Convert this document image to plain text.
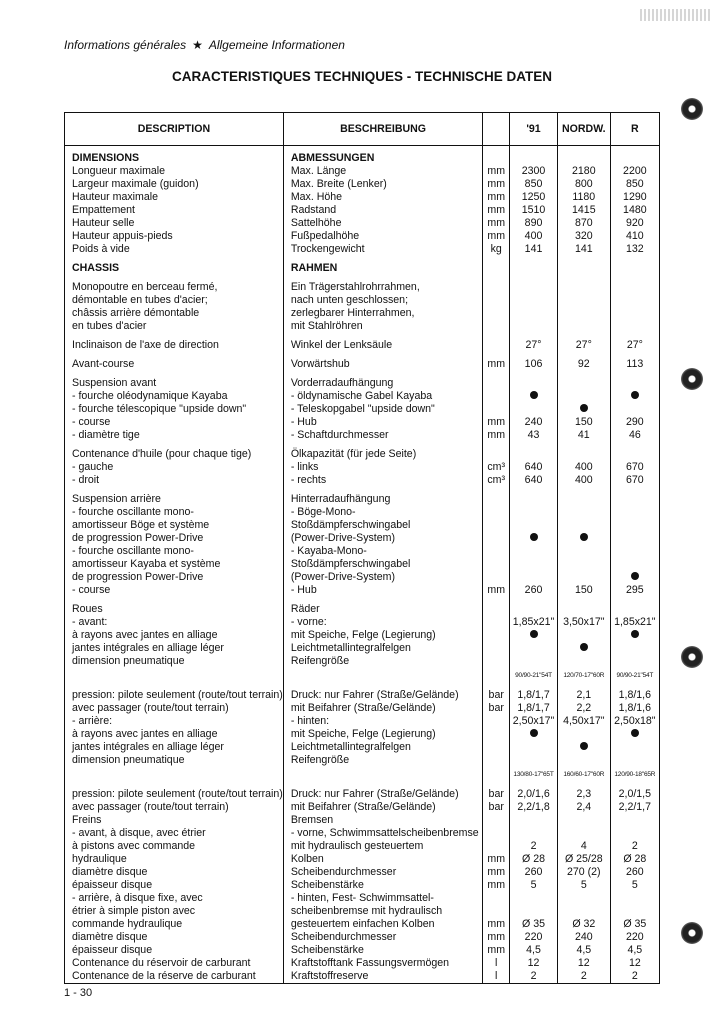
Informations générales ★ Allgemeine Informationen
CARACTERISTIQUES TECHNIQUES - TECHNISCHE DATEN
DESCRIPTION	BESCHREIBUNG		'91	NORDW.	R

DIMENSIONS	ABMESSUNGEN				
Longueur maximale	Max. Länge	mm	2300	2180	2200
Largeur maximale (guidon)	Max. Breite (Lenker)	mm	850	800	850
Hauteur maximale	Max. Höhe	mm	1250	1180	1290
Empattement	Radstand	mm	1510	1415	1480
Hauteur selle	Sattelhöhe	mm	890	870	920
Hauteur appuis-pieds	Fußpedalhöhe	mm	400	320	410
Poids à vide	Trockengewicht	kg	141	141	132

CHASSIS	RAHMEN				

Monopoutre en berceau fermé,	Ein Trägerstahlrohrrahmen,				
démontable en tubes d'acier;	nach unten geschlossen;				
châssis arrière démontable	zerlegbarer Hinterrahmen,				
en tubes d'acier	mit Stahlröhren				

Inclinaison de l'axe de direction	Winkel der Lenksäule		27°	27°	27°

Avant-course	Vorwärtshub	mm	106	92	113

Suspension avant	Vorderradaufhängung				
- fourche oléodynamique Kayaba	- öldynamische Gabel Kayaba				
- fourche télescopique "upside down"	- Teleskopgabel "upside down"				
- course	- Hub	mm	240	150	290
- diamètre tige	- Schaftdurchmesser	mm	43	41	46

Contenance d'huile (pour chaque tige)	Ölkapazität (für jede Seite)				
- gauche	- links	cm³	640	400	670
- droit	- rechts	cm³	640	400	670

Suspension arrière	Hinterradaufhängung				
- fourche oscillante mono-	- Böge-Mono-				
amortisseur Böge et système	Stoßdämpferschwingabel				
de progression Power-Drive	(Power-Drive-System)				
- fourche oscillante mono-	- Kayaba-Mono-				
amortisseur Kayaba et système	Stoßdämpferschwingabel				
de progression Power-Drive	(Power-Drive-System)				
- course	- Hub	mm	260	150	295

Roues	Räder				
- avant:	- vorne:		1,85x21"	3,50x17"	1,85x21"
à rayons avec jantes en alliage	mit Speiche, Felge (Legierung)				
jantes intégrales en alliage léger	Leichtmetallintegralfelgen				
dimension pneumatique	Reifengröße				
			90/90-21"54T	120/70-17"60R	90/90-21"54T

pression: pilote seulement (route/tout terrain)	Druck: nur Fahrer (Straße/Gelände)	bar	1,8/1,7	2,1	1,8/1,6
avec passager (route/tout terrain)	mit Beifahrer (Straße/Gelände)	bar	1,8/1,7	2,2	1,8/1,6
- arrière:	- hinten:		2,50x17"	4,50x17"	2,50x18"
à rayons avec jantes en alliage	mit Speiche, Felge (Legierung)				
jantes intégrales en alliage léger	Leichtmetallintegralfelgen				
dimension pneumatique	Reifengröße				
			130/80-17"65T	160/60-17"60R	120/90-18"65R

pression: pilote seulement (route/tout terrain)	Druck: nur Fahrer (Straße/Gelände)	bar	2,0/1,6	2,3	2,0/1,5
avec passager (route/tout terrain)	mit Beifahrer (Straße/Gelände)	bar	2,2/1,8	2,4	2,2/1,7
Freins	Bremsen				
- avant, à disque, avec étrier	- vorne, Schwimmsattelscheibenbremse				
à pistons avec commande	mit hydraulisch gesteuertem		2	4	2
hydraulique	Kolben	mm	Ø 28	Ø 25/28	Ø 28
diamètre disque	Scheibendurchmesser	mm	260	270 (2)	260
épaisseur disque	Scheibenstärke	mm	5	5	5
- arrière, à disque fixe, avec	- hinten, Fest- Schwimmsattel-				
étrier à simple piston avec	scheibenbremse mit hydraulisch				
commande hydraulique	gesteuertem einfachen Kolben	mm	Ø 35	Ø 32	Ø 35
diamètre disque	Scheibendurchmesser	mm	220	240	220
épaisseur disque	Scheibenstärke	mm	4,5	4,5	4,5
Contenance du réservoir de carburant	Kraftstofftank Fassungsvermögen	l	12	12	12
Contenance de la réserve de carburant	Kraftstoffreserve	l	2	2	2
1 - 30
